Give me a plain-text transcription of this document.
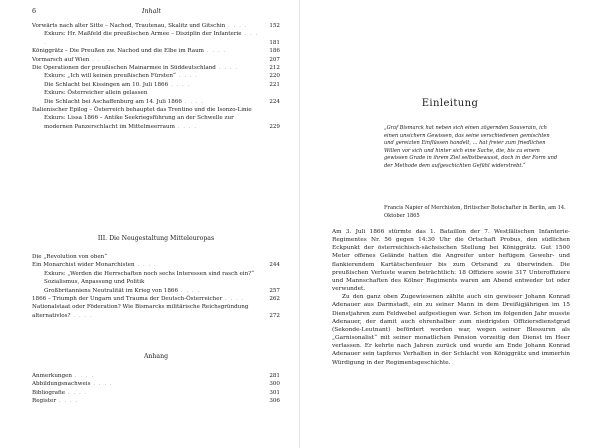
6	Inhalt
Vorwärts nach alter Sitte – Nachod, Trautenau, Skalitz und Gitschin . . . .	152
Exkurs: Hr. Maßfeld die preußischen Armee – Disziplin der Infanterie . . . .	181
Königgrätz – Die Preußen zw. Nachod und die Elbe im Raum . . . .	186
Vormarsch auf Wien . . . .	207
Die Operationen der preußischen Mainarmee in Süddeutschland . . . .	212
Exkurs: „Ich will keinen preußischen Fürsten“ . . . .	220
Die Schlacht bei Kissingen am 10. Juli 1866 . . . .	221
Exkurs: Österreicher allein gelassen
Die Schlacht bei Aschaffenburg am 14. Juli 1866 . . . .	224
Italienischer Epilog – Österreich behauptet das Trentino und die Isonzo-Linie
Exkurs: Lissa 1866 – Antike Seekriegsführung an der Schwelle zur modernen Panzerschlacht im Mittelmeerraum . . . .	229
III. Die Neugestaltung Mitteleuropas
Die „Revolution von oben“
Ein Monarchist wider Monarchisten . . . .	244
Exkurs: „Werden die Herrschaften noch sechs Interessen sind rasch ein?“ Sozialismus, Anpassung und Politik
Großbritanniens Neutralität im Krieg von 1866 . . . .	257
1866 – Triumph der Ungarn und Trauma der Deutsch-Österreicher . . . .	262
Nationalstaat oder Föderation? Wie Bismarcks militärische Reichsgründung alternativlos? . . . .	272
Anhang
Anmerkungen . . . .	281
Abbildungsnachweis . . . .	300
Bibliografie . . . .	301
Register . . . .	306
Einleitung
„Graf Bismarck hat neben sich einen zögernden Souverain, ich einen unsichern Gewissen, das seine verschiedenen gemischten und gereizten Einflüssen handelt, ... hat freier zum friedlichen Willen vor sich und hinter sich eine Sache, die, bis zu einem gewissen Grade in ihrem Ziel selbstbewusst, doch in der Form und der Methode dem aufgeschichten Gefühl widerstrebt.“
Francis Napier of Merchiston, Britischer Botschafter in Berlin, am 14. Oktober 1865

Am 3. Juli 1866 stürmte das 1. Bataillon der 7. Westfälischen Infanterie-Regimentes Nr. 56 gegen 14:30 Uhr die Ortschaft Probus, den südlichen Eckpunkt der österreichisch-sächsischen Stellung bei Königgrätz. Gut 1500 Meter offenes Gelände hatten die Angreifer unter heftigem Gewehr- und flankierendem Kartätschenfeuer bis zum Ortsrand zu überwinden. Die preußischen Verluste waren beträchtlich: 18 Offiziere sowie 317 Unteroffiziere und Mannschaften des Kölner Regiments waren am Abend entweder tot oder verwundet.

Zu den ganz oben Zugewiesenen zählte auch ein gewisser Johann Konrad Adenauer aus Darmstadt, ein zu seiner Mann in dem Dreißigjährigen im 15 Dienstjahren zum Feldwebel aufgestiegen war. Schon im folgenden Jahr musste Adenauer, der damit auch ehrenhalber zum niedrigsten Offiziersdienstgrad (Sekonde-Leutnant) befördert worden war, wegen seiner Blessuren als „Garnisonalist“ mit seiner monatlichen Pension vorzeitig den Dienst im Heer verlassen. Er kehrte nach Jahren zurück und wurde am Ende Johann Konrad Adenauer sein tapferes Verhalten in der Schlacht von Königgrätz und immerhin Würdigung in der Regimentsgeschichte.
